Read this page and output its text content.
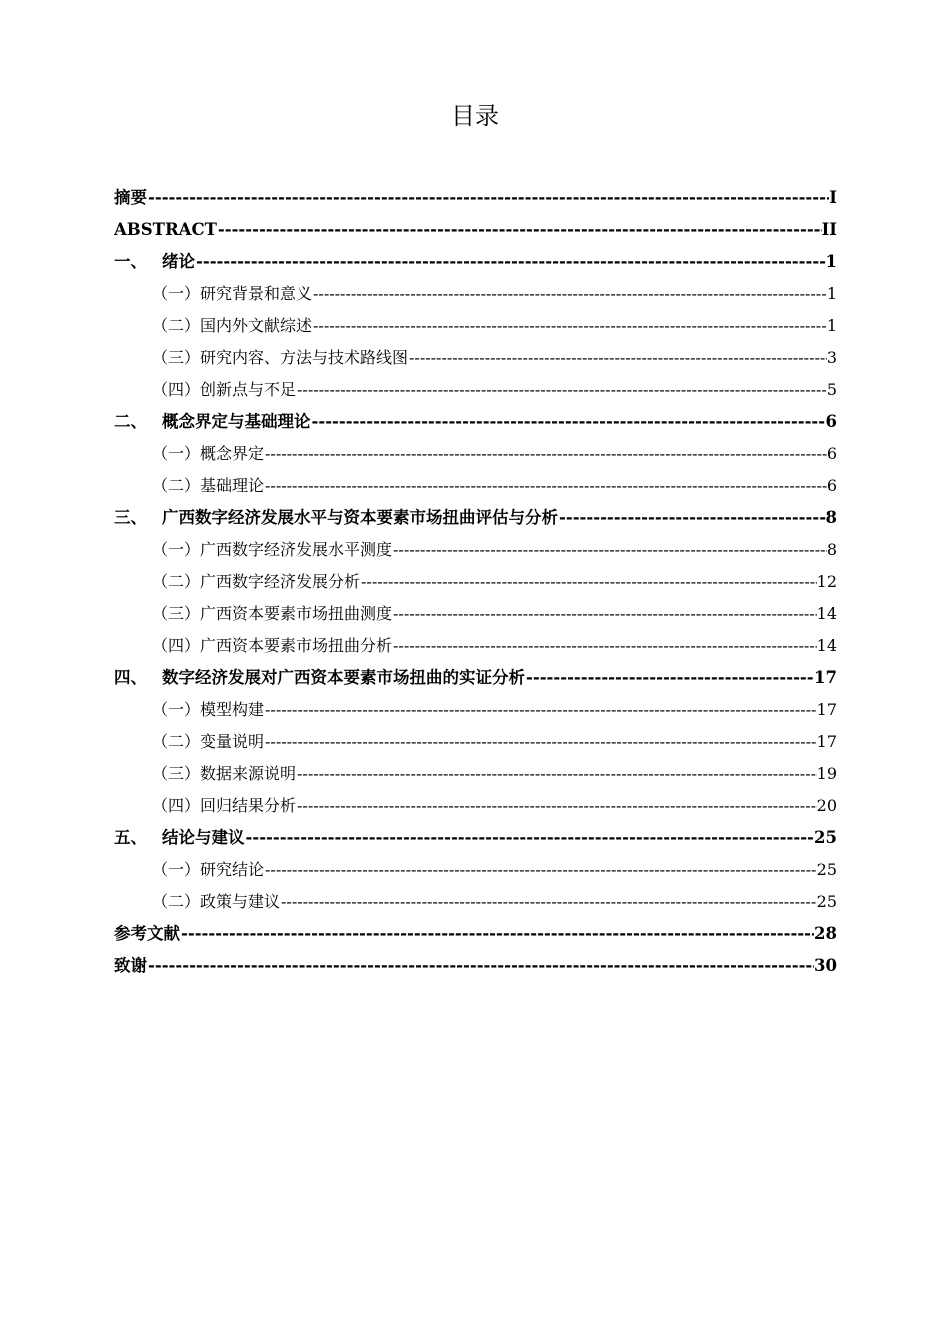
目录
摘要 -----	I
ABSTRACT -----	II
一、 绪论 -----	1
（一）研究背景和意义 -----	1
（二）国内外文献综述 -----	1
（三）研究内容、方法与技术路线图 -----	3
（四）创新点与不足 -----	5
二、 概念界定与基础理论 -----	6
（一）概念界定 -----	6
（二）基础理论 -----	6
三、 广西数字经济发展水平与资本要素市场扭曲评估与分析 -----	8
（一）广西数字经济发展水平测度 -----	8
（二）广西数字经济发展分析 -----	12
（三）广西资本要素市场扭曲测度 -----	14
（四）广西资本要素市场扭曲分析 -----	14
四、 数字经济发展对广西资本要素市场扭曲的实证分析 -----	17
（一）模型构建 -----	17
（二）变量说明 -----	17
（三）数据来源说明 -----	19
（四）回归结果分析 -----	20
五、 结论与建议 -----	25
（一）研究结论 -----	25
（二）政策与建议 -----	25
参考文献 -----	28
致谢 -----	30
